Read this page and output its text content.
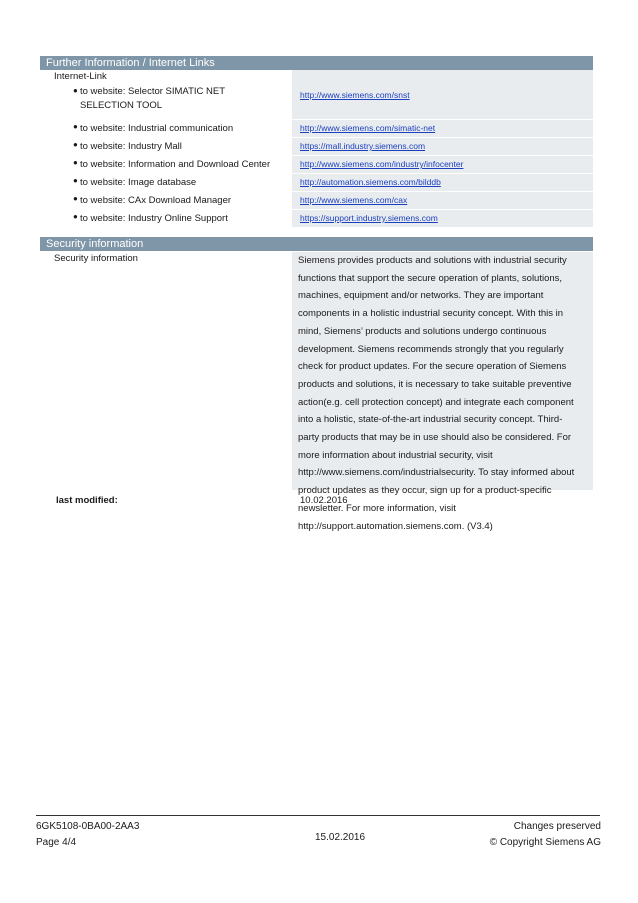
Further Information / Internet Links
Internet-Link
● to website: Selector SIMATIC NET SELECTION TOOL
http://www.siemens.com/snst
● to website: Industrial communication	http://www.siemens.com/simatic-net
● to website: Industry Mall	https://mall.industry.siemens.com
● to website: Information and Download Center	http://www.siemens.com/industry/infocenter
● to website: Image database	http://automation.siemens.com/bilddb
● to website: CAx Download Manager	http://www.siemens.com/cax
● to website: Industry Online Support	https://support.industry.siemens.com
Security information
Siemens provides products and solutions with industrial security functions that support the secure operation of plants, solutions, machines, equipment and/or networks. They are important components in a holistic industrial security concept. With this in mind, Siemens’ products and solutions undergo continuous development. Siemens recommends strongly that you regularly check for product updates. For the secure operation of Siemens products and solutions, it is necessary to take suitable preventive action(e.g. cell protection concept) and integrate each component into a holistic, state-of-the-art industrial security concept. Third-party products that may be in use should also be considered. For more information about industrial security, visit http://www.siemens.com/industrialsecurity. To stay informed about product updates as they occur, sign up for a product-specific newsletter. For more information, visit http://support.automation.siemens.com. (V3.4)
Security information
last modified:	10.02.2016
6GK5108-0BA00-2AA3
Page 4/4	15.02.2016
Changes preserved
© Copyright Siemens AG
